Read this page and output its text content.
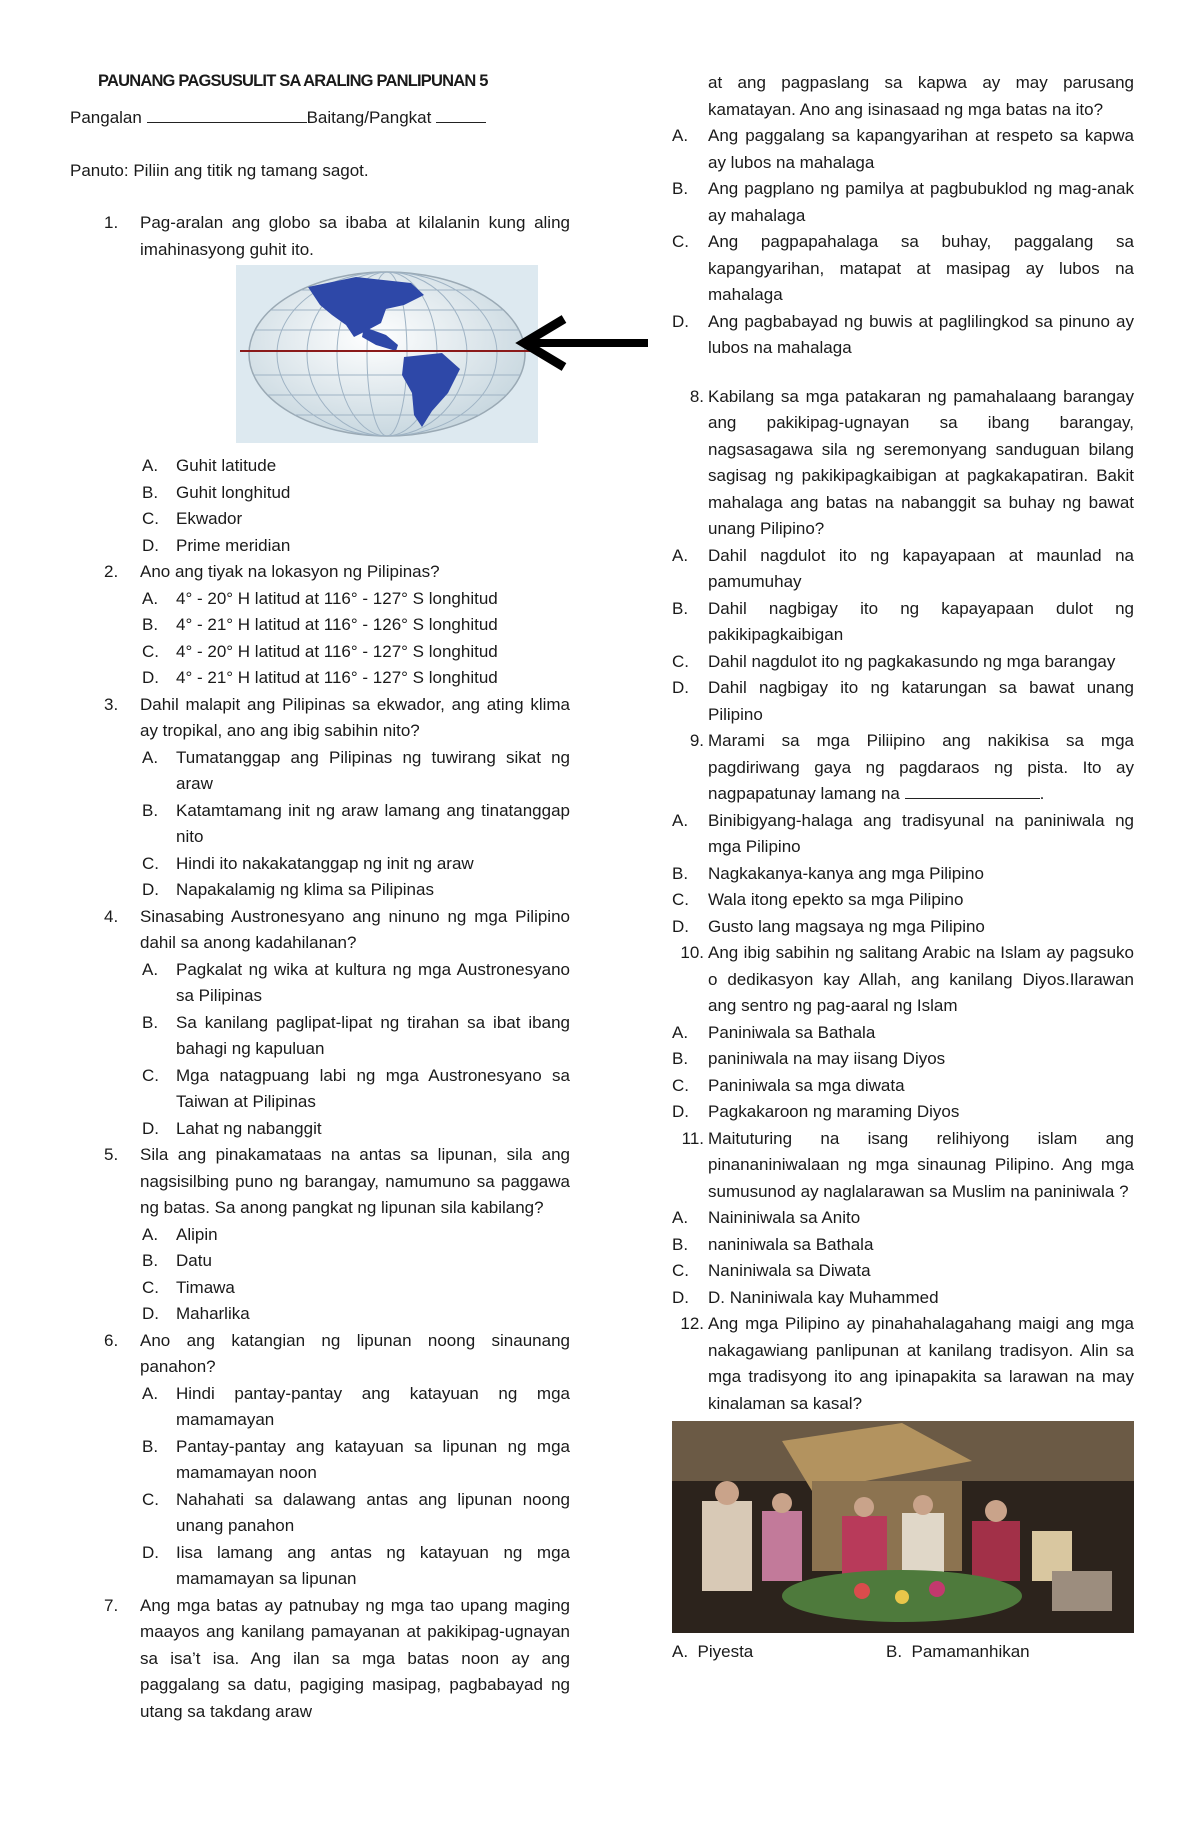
PAUNANG PAGSUSULIT SA ARALING PANLIPUNAN 5
Pangalan	Baitang/Pangkat
Panuto: Piliin ang titik ng tamang sagot.
1. Pag-aralan ang globo sa ibaba at kilalanin kung aling imahinasyong guhit ito.
A. Guhit latitude
B. Guhit longhitud
C. Ekwador
D. Prime meridian
2. Ano ang tiyak na lokasyon ng Pilipinas?
A. 4° - 20° H latitud at 116° - 127° S longhitud
B. 4° - 21° H latitud at 116° - 126° S longhitud
C. 4° - 20° H latitud at 116° - 127° S longhitud
D. 4° - 21° H latitud at 116° - 127° S longhitud
3. Dahil malapit ang Pilipinas sa ekwador, ang ating klima ay tropikal, ano ang ibig sabihin nito?
A. Tumatanggap ang Pilipinas ng tuwirang sikat ng araw
B. Katamtamang init ng araw lamang ang tinatanggap nito
C. Hindi ito nakakatanggap ng init ng araw
D. Napakalamig ng klima sa Pilipinas
4. Sinasabing Austronesyano ang ninuno ng mga Pilipino dahil sa anong kadahilanan?
A. Pagkalat ng wika at kultura ng mga Austronesyano sa Pilipinas
B. Sa kanilang paglipat-lipat ng tirahan sa ibat ibang bahagi ng kapuluan
C. Mga natagpuang labi ng mga Austronesyano sa Taiwan at Pilipinas
D. Lahat ng nabanggit
5. Sila ang pinakamataas na antas sa lipunan, sila ang nagsisilbing puno ng barangay, namumuno sa paggawa ng batas. Sa anong pangkat ng lipunan sila kabilang?
A. Alipin
B. Datu
C. Timawa
D. Maharlika
6. Ano ang katangian ng lipunan noong sinaunang panahon?
A. Hindi pantay-pantay ang katayuan ng mga mamamayan
B. Pantay-pantay ang katayuan sa lipunan ng mga mamamayan noon
C. Nahahati sa dalawang antas ang lipunan noong unang panahon
D. Iisa lamang ang antas ng katayuan ng mga mamamayan sa lipunan
7. Ang mga batas ay patnubay ng mga tao upang maging maayos ang kanilang pamayanan at pakikipag-ugnayan sa isa’t isa. Ang ilan sa mga batas noon ay ang paggalang sa datu, pagiging masipag, pagbabayad ng utang sa takdang araw
at ang pagpaslang sa kapwa ay may parusang kamatayan. Ano ang isinasaad ng mga batas na ito?
A. Ang paggalang sa kapangyarihan at respeto sa kapwa ay lubos na mahalaga
B. Ang pagplano ng pamilya at pagbubuklod ng mag-anak ay mahalaga
C. Ang pagpapahalaga sa buhay, paggalang sa kapangyarihan, matapat at masipag ay lubos na mahalaga
D. Ang pagbabayad ng buwis at paglilingkod sa pinuno ay lubos na mahalaga
8. Kabilang sa mga patakaran ng pamahalaang barangay ang pakikipag-ugnayan sa ibang barangay, nagsasagawa sila ng seremonyang sanduguan bilang sagisag ng pakikipagkaibigan at pagkakapatiran. Bakit mahalaga ang batas na nabanggit sa buhay ng bawat unang Pilipino?
A. Dahil nagdulot ito ng kapayapaan at maunlad na pamumuhay
B. Dahil nagbigay ito ng kapayapaan dulot ng pakikipagkaibigan
C. Dahil nagdulot ito ng pagkakasundo ng mga barangay
D. Dahil nagbigay ito ng katarungan sa bawat unang Pilipino
9. Marami sa mga Piliipino ang nakikisa sa mga pagdiriwang gaya ng pagdaraos ng pista. Ito ay nagpapatunay lamang na	.
A. Binibigyang-halaga ang tradisyunal na paniniwala ng mga Pilipino
B. Nagkakanya-kanya ang mga Pilipino
C. Wala itong epekto sa mga Pilipino
D. Gusto lang magsaya ng mga Pilipino
10. Ang ibig sabihin ng salitang Arabic na Islam ay pagsuko o dedikasyon kay Allah, ang kanilang Diyos.Ilarawan ang sentro ng pag-aaral ng Islam
A. Paniniwala sa Bathala
B. paniniwala na may iisang Diyos
C. Paniniwala sa mga diwata
D. Pagkakaroon ng maraming Diyos
11. Maituturing na isang relihiyong islam ang pinananiniwalaan ng mga sinaunag Pilipino. Ang mga sumusunod ay naglalarawan sa Muslim na paniniwala ?
A. Naininiwala sa Anito
B. naniniwala sa Bathala
C. Naniniwala sa Diwata
D. D. Naniniwala kay Muhammed
12. Ang mga Pilipino ay pinahahalagahang maigi ang mga nakagawiang panlipunan at kanilang tradisyon. Alin sa mga tradisyong ito ang ipinapakita sa larawan na may kinalaman sa kasal?
A. Piyesta	B. Pamamanhikan
